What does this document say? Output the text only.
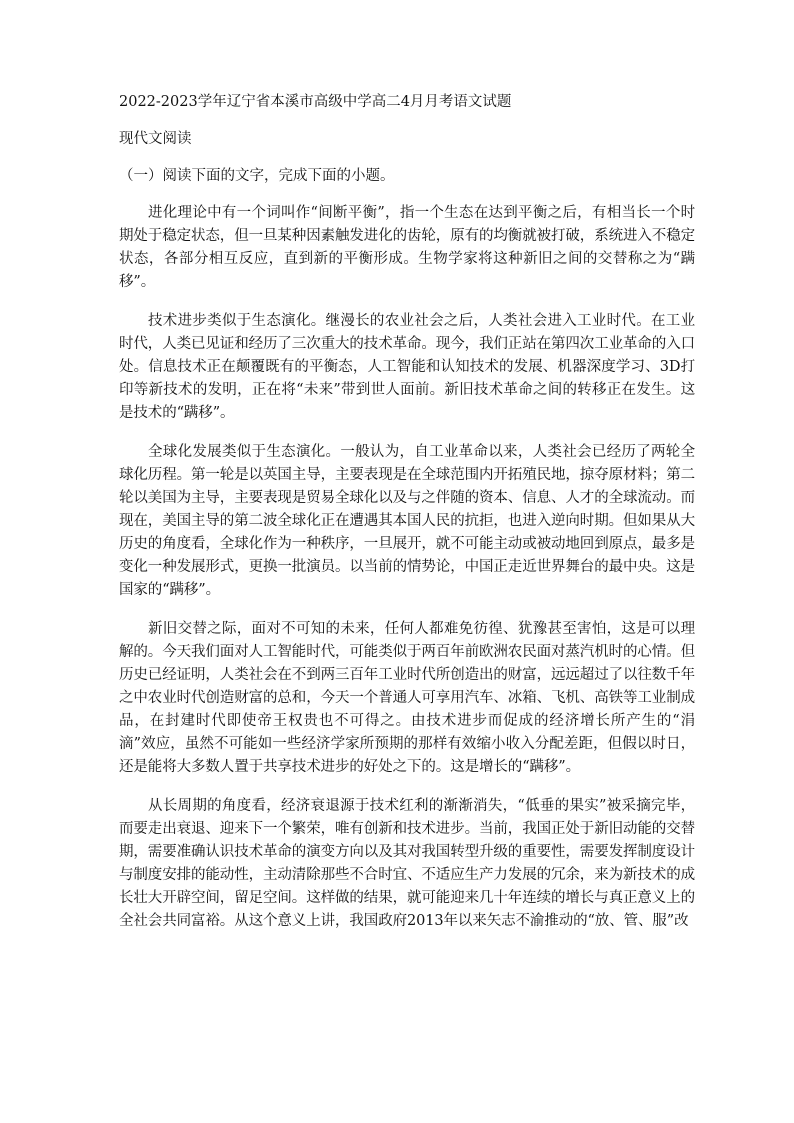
2022-2023学年辽宁省本溪市高级中学高二4月月考语文试题
现代文阅读
（一）阅读下面的文字，完成下面的小题。

进化理论中有一个词叫作“间断平衡”，指一个生态在达到平衡之后，有相当长一个时期处于稳定状态，但一旦某种因素触发进化的齿轮，原有的均衡就被打破，系统进入不稳定状态，各部分相互反应，直到新的平衡形成。生物学家将这种新旧之间的交替称之为“蹒移”。

技术进步类似于生态演化。继漫长的农业社会之后，人类社会进入工业时代。在工业时代，人类已见证和经历了三次重大的技术革命。现今，我们正站在第四次工业革命的入口处。信息技术正在颠覆既有的平衡态，人工智能和认知技术的发展、机器深度学习、3D打印等新技术的发明，正在将“未来”带到世人面前。新旧技术革命之间的转移正在发生。这是技术的“蹒移”。

全球化发展类似于生态演化。一般认为，自工业革命以来，人类社会已经历了两轮全球化历程。第一轮是以英国主导，主要表现是在全球范围内开拓殖民地，掠夺原材料；第二轮以美国为主导，主要表现是贸易全球化以及与之伴随的资本、信息、人才的全球流动。而现在，美国主导的第二波全球化正在遭遇其本国人民的抗拒，也进入逆向时期。但如果从大历史的角度看，全球化作为一种秩序，一旦展开，就不可能主动或被动地回到原点，最多是变化一种发展形式，更换一批演员。以当前的情势论，中国正走近世界舞台的最中央。这是国家的“蹒移”。

新旧交替之际，面对不可知的未来，任何人都难免彷徨、犹豫甚至害怕，这是可以理解的。今天我们面对人工智能时代，可能类似于两百年前欧洲农民面对蒸汽机时的心情。但历史已经证明，人类社会在不到两三百年工业时代所创造出的财富，远远超过了以往数千年之中农业时代创造财富的总和，今天一个普通人可享用汽车、冰箱、飞机、高铁等工业制成品，在封建时代即使帝王权贵也不可得之。由技术进步而促成的经济增长所产生的“涓滴”效应，虽然不可能如一些经济学家所预期的那样有效缩小收入分配差距，但假以时日，还是能将大多数人置于共享技术进步的好处之下的。这是增长的“蹒移”。

从长周期的角度看，经济衰退源于技术红利的渐渐消失，“低垂的果实”被采摘完毕，而要走出衰退、迎来下一个繁荣，唯有创新和技术进步。当前，我国正处于新旧动能的交替期，需要准确认识技术革命的演变方向以及其对我国转型升级的重要性，需要发挥制度设计与制度安排的能动性，主动清除那些不合时宜、不适应生产力发展的冗余，来为新技术的成长壮大开辟空间，留足空间。这样做的结果，就可能迎来几十年连续的增长与真正意义上的全社会共同富裕。从这个意义上讲，我国政府2013年以来矢志不渝推动的“放、管、服”改
